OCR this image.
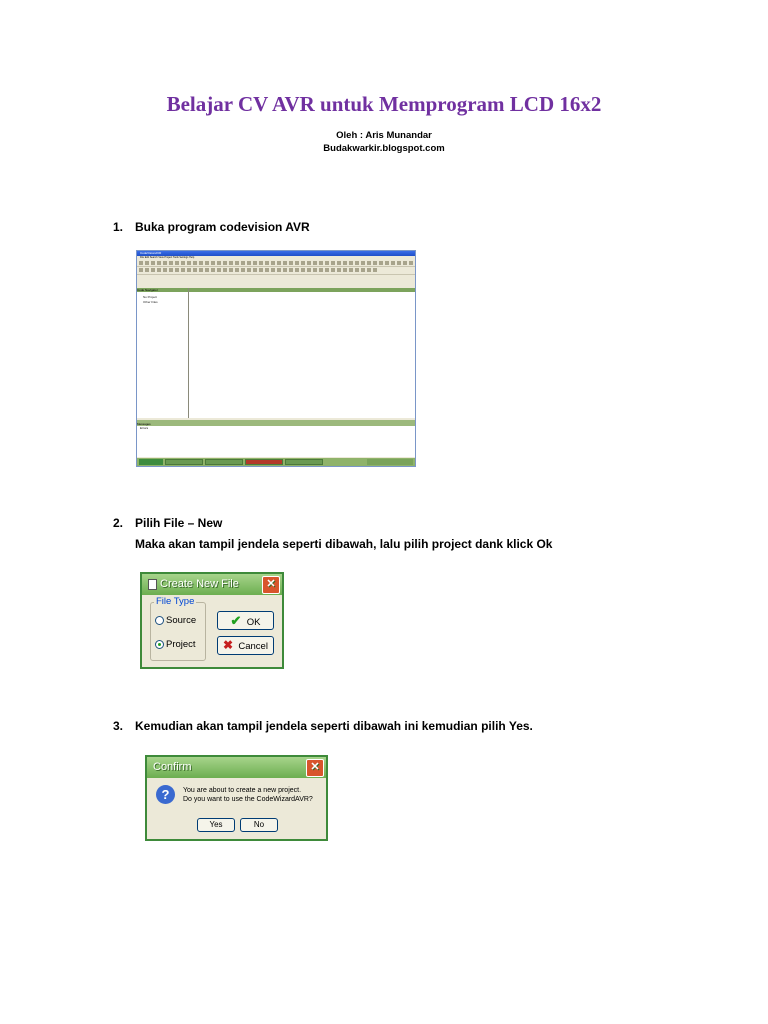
Belajar CV AVR untuk Memprogram LCD 16x2
Oleh : Aris Munandar
Budakwarkir.blogspot.com
1. Buka program codevision AVR
CodeVisionAVR
File Edit Search View Project Tools Settings Help
Code Navigator
No Project
Other Files
Messages
Errors
2. Pilih File – New
Maka akan tampil jendela seperti dibawah, lalu pilih project dank klick Ok
Create New File	✕
File Type
Source
Project
✔ OK
✖ Cancel
3. Kemudian akan tampil jendela seperti dibawah ini kemudian pilih Yes.
Confirm	✕
?	You are about to create a new project.
Do you want to use the CodeWizardAVR?
Yes	No
